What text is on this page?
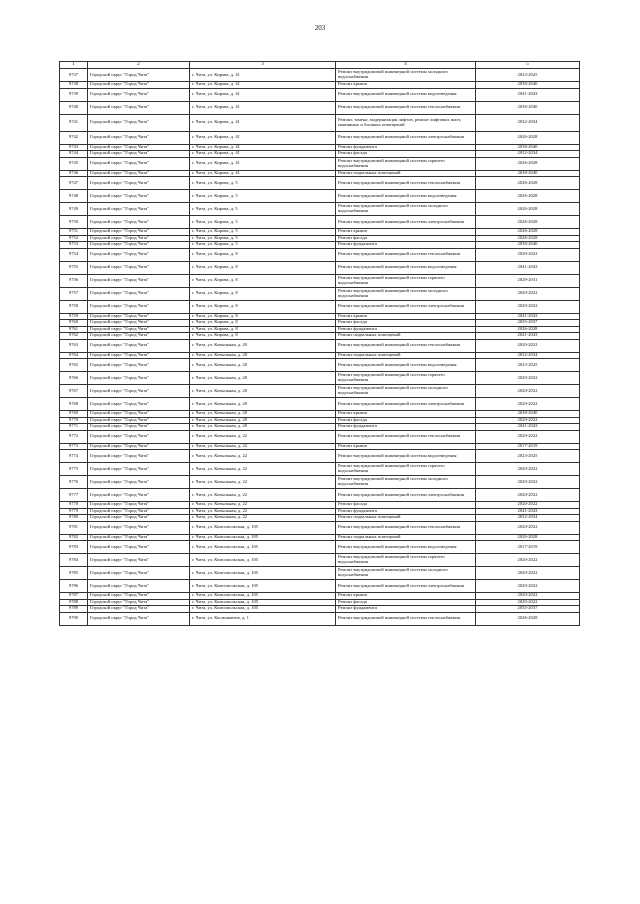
203
1	2	3	4	5
9737	Городской округ "Город Чита"	г. Чита, ул. Кирова, д. 41	Ремонт внутридомовой инженерной системы холодного водоснабжения	2023-2025
9738	Городской округ "Город Чита"	г. Чита, ул. Кирова, д. 41	Ремонт крыши	2038-2040
9739	Городской округ "Город Чита"	г. Чита, ул. Кирова, д. 41	Ремонт внутридомовой инженерной системы водоотведения	2041-2043
9740	Городской округ "Город Чита"	г. Чита, ул. Кирова, д. 41	Ремонт внутридомовой инженерной системы теплоснабжения	2038-2040
9741	Городской округ "Город Чита"	г. Чита, ул. Кирова, д. 41	Ремонт, замена, модернизация лифтов, ремонт лифтовых шахт, машинных и блочных помещений	2032-2034
9742	Городской округ "Город Чита"	г. Чита, ул. Кирова, д. 41	Ремонт внутридомовой инженерной системы электроснабжения	2026-2028
9743	Городской округ "Город Чита"	г. Чита, ул. Кирова, д. 41	Ремонт фундамента	2038-2040
9744	Городской округ "Город Чита"	г. Чита, ул. Кирова, д. 41	Ремонт фасада	2032-2034
9745	Городской округ "Город Чита"	г. Чита, ул. Кирова, д. 41	Ремонт внутридомовой инженерной системы горячего водоснабжения	2026-2028
9746	Городской округ "Город Чита"	г. Чита, ул. Кирова, д. 41	Ремонт подвальных помещений	2038-2040
9747	Городской округ "Город Чита"	г. Чита, ул. Кирова, д. 5	Ремонт внутридомовой инженерной системы теплоснабжения	2026-2028
9748	Городской округ "Город Чита"	г. Чита, ул. Кирова, д. 5	Ремонт внутридомовой инженерной системы водоотведения	2026-2028
9749	Городской округ "Город Чита"	г. Чита, ул. Кирова, д. 5	Ремонт внутридомовой инженерной системы холодного водоснабжения	2026-2028
9750	Городской округ "Город Чита"	г. Чита, ул. Кирова, д. 5	Ремонт внутридомовой инженерной системы электроснабжения	2026-2028
9751	Городской округ "Город Чита"	г. Чита, ул. Кирова, д. 5	Ремонт крыши	2026-2028
9752	Городской округ "Город Чита"	г. Чита, ул. Кирова, д. 5	Ремонт фасада	2026-2028
9753	Городской округ "Город Чита"	г. Чита, ул. Кирова, д. 5	Ремонт фундамента	2038-2040
9754	Городской округ "Город Чита"	г. Чита, ул. Кирова, д. 8	Ремонт внутридомовой инженерной системы теплоснабжения	2020-2022
9755	Городской округ "Город Чита"	г. Чита, ул. Кирова, д. 8	Ремонт внутридомовой инженерной системы водоотведения	2041-2043
9756	Городской округ "Город Чита"	г. Чита, ул. Кирова, д. 8	Ремонт внутридомовой инженерной системы горячего водоснабжения	2029-2031
9757	Городской округ "Город Чита"	г. Чита, ул. Кирова, д. 8	Ремонт внутридомовой инженерной системы холодного водоснабжения	2020-2022
9758	Городской округ "Город Чита"	г. Чита, ул. Кирова, д. 8	Ремонт внутридомовой инженерной системы электроснабжения	2020-2022
9759	Городской округ "Город Чита"	г. Чита, ул. Кирова, д. 8	Ремонт крыши	2041-2043
9760	Городской округ "Город Чита"	г. Чита, ул. Кирова, д. 8	Ремонт фасада	2035-2037
9761	Городской округ "Город Чита"	г. Чита, ул. Кирова, д. 8	Ремонт фундамента	2026-2028
9762	Городской округ "Город Чита"	г. Чита, ул. Кирова, д. 8	Ремонт подвальных помещений	2041-2043
9763	Городской округ "Город Чита"	г. Чита, ул. Ковыльная, д. 20	Ремонт внутридомовой инженерной системы теплоснабжения	2020-2022
9764	Городской округ "Город Чита"	г. Чита, ул. Ковыльная, д. 20	Ремонт подвальных помещений	2032-2034
9765	Городской округ "Город Чита"	г. Чита, ул. Ковыльная, д. 20	Ремонт внутридомовой инженерной системы водоотведения	2023-2025
9766	Городской округ "Город Чита"	г. Чита, ул. Ковыльная, д. 20	Ремонт внутридомовой инженерной системы горячего водоснабжения	2020-2022
9767	Городской округ "Город Чита"	г. Чита, ул. Ковыльная, д. 20	Ремонт внутридомовой инженерной системы холодного водоснабжения	2020-2022
9768	Городской округ "Город Чита"	г. Чита, ул. Ковыльная, д. 20	Ремонт внутридомовой инженерной системы электроснабжения	2020-2022
9769	Городской округ "Город Чита"	г. Чита, ул. Ковыльная, д. 20	Ремонт крыши	2038-2040
9770	Городской округ "Город Чита"	г. Чита, ул. Ковыльная, д. 20	Ремонт фасада	2020-2022
9771	Городской округ "Город Чита"	г. Чита, ул. Ковыльная, д. 20	Ремонт фундамента	2041-2043
9772	Городской округ "Город Чита"	г. Чита, ул. Ковыльная, д. 22	Ремонт внутридомовой инженерной системы теплоснабжения	2020-2022
9773	Городской округ "Город Чита"	г. Чита, ул. Ковыльная, д. 22	Ремонт крыши	2017-2019
9774	Городской округ "Город Чита"	г. Чита, ул. Ковыльная, д. 22	Ремонт внутридомовой инженерной системы водоотведения	2023-2025
9775	Городской округ "Город Чита"	г. Чита, ул. Ковыльная, д. 22	Ремонт внутридомовой инженерной системы горячего водоснабжения	2020-2022
9776	Городской округ "Город Чита"	г. Чита, ул. Ковыльная, д. 22	Ремонт внутридомовой инженерной системы холодного водоснабжения	2020-2022
9777	Городской округ "Город Чита"	г. Чита, ул. Ковыльная, д. 22	Ремонт внутридомовой инженерной системы электроснабжения	2020-2022
9778	Городской округ "Город Чита"	г. Чита, ул. Ковыльная, д. 22	Ремонт фасада	2020-2022
9779	Городской округ "Город Чита"	г. Чита, ул. Ковыльная, д. 22	Ремонт фундамента	2041-2043
9780	Городской округ "Город Чита"	г. Чита, ул. Ковыльная, д. 22	Ремонт подвальных помещений	2032-2034
9781	Городской округ "Город Чита"	г. Чита, ул. Комсомольская, д. 105	Ремонт внутридомовой инженерной системы теплоснабжения	2020-2022
9782	Городской округ "Город Чита"	г. Чита, ул. Комсомольская, д. 105	Ремонт подвальных помещений	2026-2028
9783	Городской округ "Город Чита"	г. Чита, ул. Комсомольская, д. 105	Ремонт внутридомовой инженерной системы водоотведения	2017-2019
9784	Городской округ "Город Чита"	г. Чита, ул. Комсомольская, д. 105	Ремонт внутридомовой инженерной системы горячего водоснабжения	2020-2022
9785	Городской округ "Город Чита"	г. Чита, ул. Комсомольская, д. 105	Ремонт внутридомовой инженерной системы холодного водоснабжения	2020-2022
9786	Городской округ "Город Чита"	г. Чита, ул. Комсомольская, д. 105	Ремонт внутридомовой инженерной системы электроснабжения	2020-2022
9787	Городской округ "Город Чита"	г. Чита, ул. Комсомольская, д. 105	Ремонт крыши	2020-2022
9788	Городской округ "Город Чита"	г. Чита, ул. Комсомольская, д. 105	Ремонт фасада	2020-2022
9789	Городской округ "Город Чита"	г. Чита, ул. Комсомольская, д. 105	Ремонт фундамента	2035-2037
9790	Городской округ "Город Чита"	г. Чита, ул. Космонавтов, д. 1	Ремонт внутридомовой инженерной системы теплоснабжения	2026-2028
